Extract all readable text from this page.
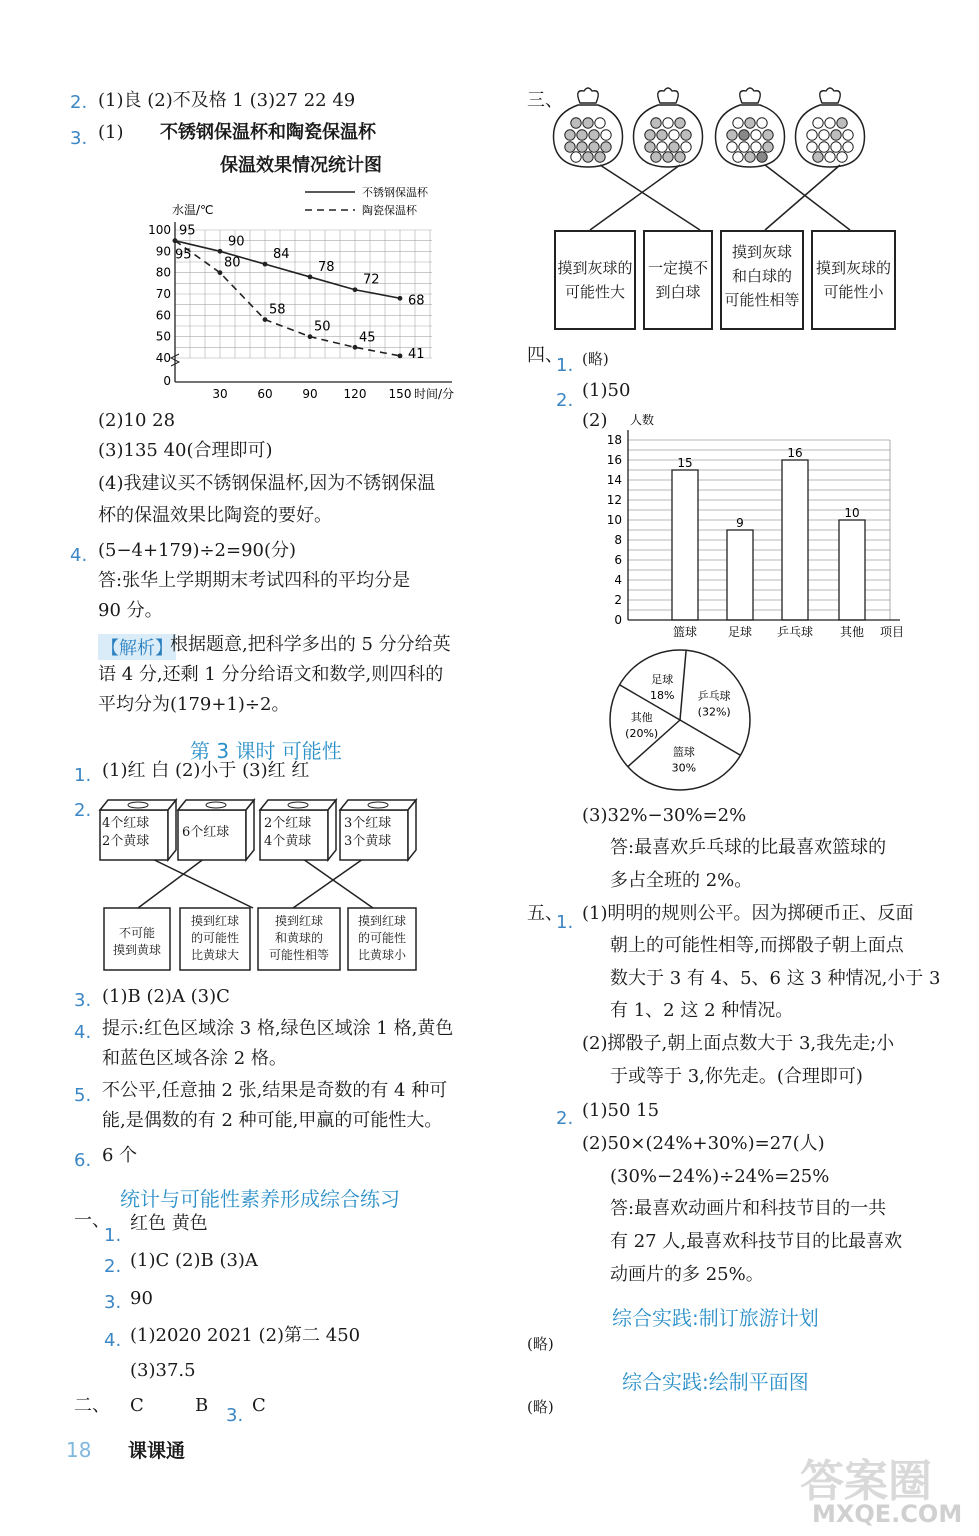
2. (1)良 (2)不及格 1 (3)27 22 49
3. (1) 不锈钢保温杯和陶瓷保温杯
保温效果情况统计图
水温/℃
40
50
60
70
80
90
100
0
30 60 90 120 150 时间/分
95
90
84
78
72
68
95
80
58
50
45
41
不锈钢保温杯
陶瓷保温杯
(2)10 28
(3)135 40(合理即可)
(4)我建议买不锈钢保温杯,因为不锈钢保温
杯的保温效果比陶瓷的要好。
4. (5−4+179)÷2=90(分)
答:张华上学期期末考试四科的平均分是
90 分。
【解析】
根据题意,把科学多出的 5 分分给英
语 4 分,还剩 1 分分给语文和数学,则四科的
平均分为(179+1)÷2。
第 3 课时 可能性
1. (1)红 白 (2)小于 (3)红 红
2.
4个红球
2个黄球
6个红球
2个红球
4个黄球
3个红球
3个黄球
不可能
摸到黄球
摸到红球
的可能性
比黄球大
摸到红球
和黄球的
可能性相等
摸到红球
的可能性
比黄球小
3. (1)B (2)A (3)C
4. 提示:红色区域涂 3 格,绿色区域涂 1 格,黄色
和蓝色区域各涂 2 格。
5. 不公平,任意抽 2 张,结果是奇数的有 4 种可
能,是偶数的有 2 种可能,甲赢的可能性大。
6. 6 个
统计与可能性素养形成综合练习
一、
1.
红色 黄色
2. (1)C (2)B (3)A
3. 90
4. (1)2020 2021 (2)第二 450
(3)37.5
二、 C	B 3. C
18 课课通
三、
摸到灰球的
可能性大
一定摸不
到白球
摸到灰球
和白球的
可能性相等
摸到灰球的
可能性小
四、
1. (略)
2. (1)50
(2)
15
9
16
10
0
2
4
6
8
10
12
14
16
18
人数
项目
篮球	足球 乒乓球 其他
乒乓球
(32%)
篮球
30%
其他
(20%)
足球
18%
(3)32%−30%=2%
答:最喜欢乒乓球的比最喜欢篮球的
多占全班的 2%。
五、
1. (1)明明的规则公平。因为掷硬币正、反面
朝上的可能性相等,而掷骰子朝上面点
数大于 3 有 4、5、6 这 3 种情况,小于 3
有 1、2 这 2 种情况。
(2)掷骰子,朝上面点数大于 3,我先走;小
于或等于 3,你先走。(合理即可)
2. (1)50 15
(2)50×(24%+30%)=27(人)
(30%−24%)÷24%=25%
答:最喜欢动画片和科技节目的一共
有 27 人,最喜欢科技节目的比最喜欢
动画片的多 25%。
综合实践:制订旅游计划
(略)
综合实践:绘制平面图
(略)
答案圈
MXQE.COM
